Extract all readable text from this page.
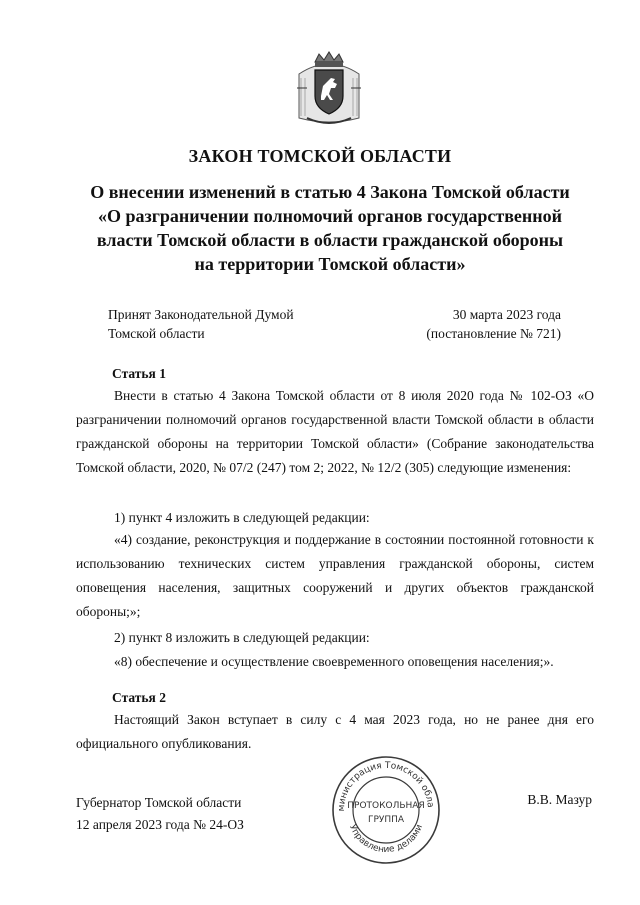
ЗАКОН ТОМСКОЙ ОБЛАСТИ
О внесении изменений в статью 4 Закона Томской области
«О разграничении полномочий органов государственной
власти Томской области в области гражданской обороны
на территории Томской области»
Принят Законодательной Думой
Томской области
30 марта 2023 года
(постановление № 721)
Статья 1
Внести в статью 4 Закона Томской области от 8 июля 2020 года № 102-ОЗ «О разграничении полномочий органов государственной власти Томской области в области гражданской обороны на территории Томской области» (Собрание законодательства Томской области, 2020, № 07/2 (247) том 2; 2022, № 12/2 (305) следующие изменения:
1) пункт 4 изложить в следующей редакции:
«4) создание, реконструкция и поддержание в состоянии постоянной готовности к использованию технических систем управления гражданской обороны, систем оповещения населения, защитных сооружений и других объектов гражданской обороны;»;
2) пункт 8 изложить в следующей редакции:
«8) обеспечение и осуществление своевременного оповещения населения;».
Статья 2
Настоящий Закон вступает в силу с 4 мая 2023 года, но не ранее дня его официального опубликования.
Губернатор Томской области
12 апреля 2023 года № 24-ОЗ
В.В. Мазур
министрация Томской обла
Управление делами
ПРОТОКОЛЬНАЯ
ГРУППА
